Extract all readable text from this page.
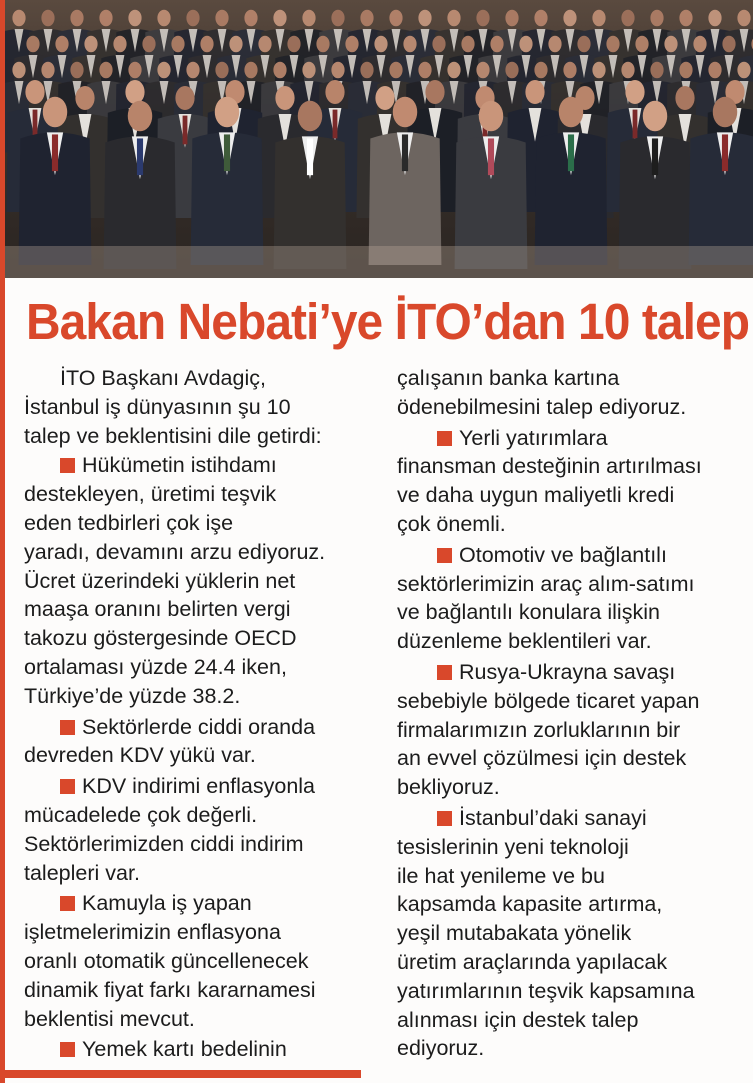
Bakan Nebati’ye İTO’dan 10 talep

İTO Başkanı Avdagiç,
İstanbul iş dünyasının şu 10
talep ve beklentisini dile getirdi:

Hükümetin istihdamı
destekleyen, üretimi teşvik
eden tedbirleri çok işe
yaradı, devamını arzu ediyoruz.
Ücret üzerindeki yüklerin net
maaşa oranını belirten vergi
takozu göstergesinde OECD
ortalaması yüzde 24.4 iken,
Türkiye’de yüzde 38.2.

Sektörlerde ciddi oranda
devreden KDV yükü var.

KDV indirimi enflasyonla
mücadelede çok değerli.
Sektörlerimizden ciddi indirim
talepleri var.

Kamuyla iş yapan
işletmelerimizin enflasyona
oranlı otomatik güncellenecek
dinamik fiyat farkı kararnamesi
beklentisi mevcut.

Yemek kartı bedelinin

çalışanın banka kartına
ödenebilmesini talep ediyoruz.

Yerli yatırımlara
finansman desteğinin artırılması
ve daha uygun maliyetli kredi
çok önemli.

Otomotiv ve bağlantılı
sektörlerimizin araç alım-satımı
ve bağlantılı konulara ilişkin
düzenleme beklentileri var.

Rusya-Ukrayna savaşı
sebebiyle bölgede ticaret yapan
firmalarımızın zorluklarının bir
an evvel çözülmesi için destek
bekliyoruz.

İstanbul’daki sanayi
tesislerinin yeni teknoloji
ile hat yenileme ve bu
kapsamda kapasite artırma,
yeşil mutabakata yönelik
üretim araçlarında yapılacak
yatırımlarının teşvik kapsamına
alınması için destek talep
ediyoruz.
